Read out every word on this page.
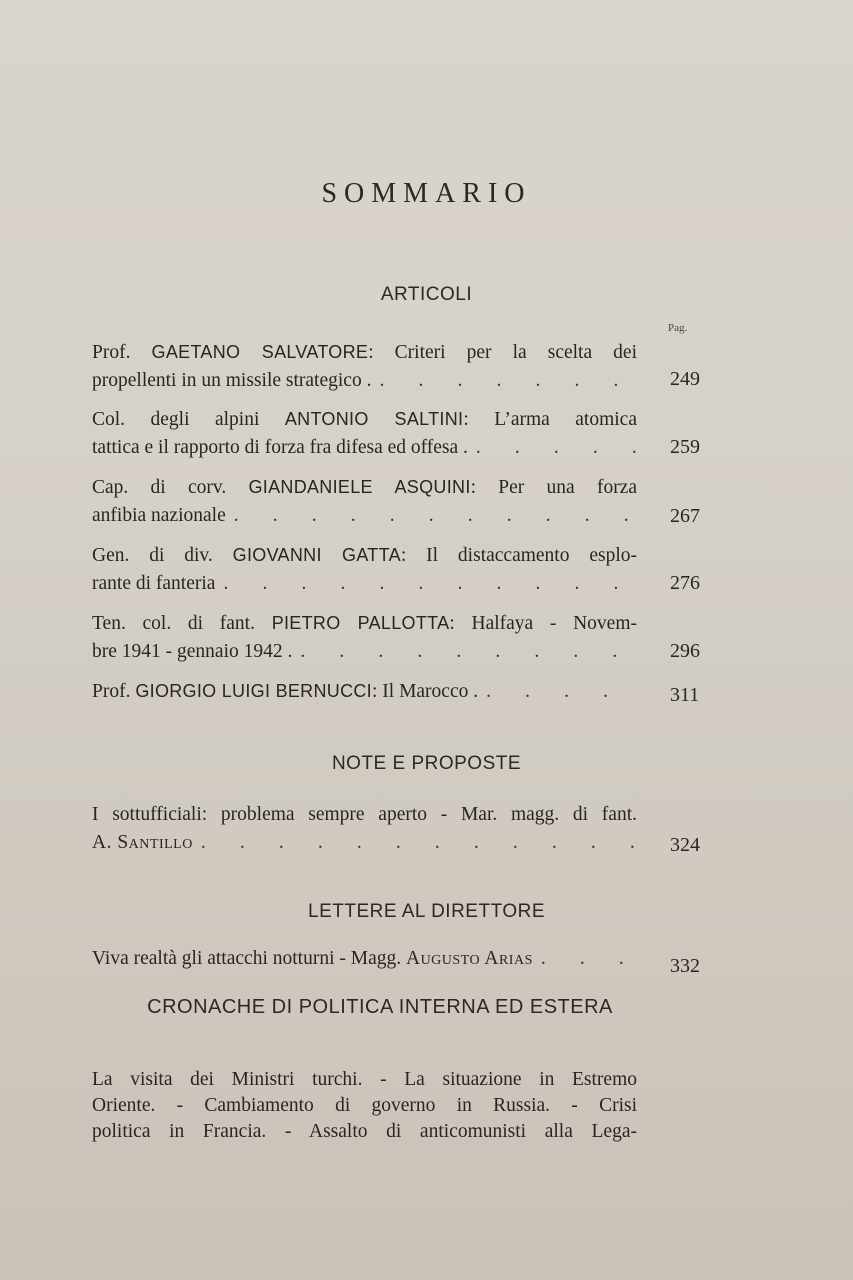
SOMMARIO
ARTICOLI
Pag.
Prof. GAETANO SALVATORE: Criteri per la scelta dei
propellenti in un missile strategico . .	249
Col. degli alpini ANTONIO SALTINI: L’arma atomica
tattica e il rapporto di forza fra difesa ed offesa . .	259
Cap. di corv. GIANDANIELE ASQUINI: Per una forza
anfibia nazionale .	267
Gen. di div. GIOVANNI GATTA: Il distaccamento esplo-
rante di fanteria .	276
Ten. col. di fant. PIETRO PALLOTTA: Halfaya - Novem-
bre 1941 - gennaio 1942 . .	296
Prof.
GIORGIO LUIGI BERNUCCI : Il Marocco . .	311
NOTE E PROPOSTE
I sottufficiali: problema sempre aperto - Mar. magg. di fant.
A. Santillo .	324
LETTERE AL DIRETTORE
Viva realtà gli attacchi notturni - Magg.
Augusto Arias .	332
CRONACHE DI POLITICA INTERNA ED ESTERA
La visita dei Ministri turchi. - La situazione in Estremo
Oriente. - Cambiamento di governo in Russia. - Crisi
politica in Francia. - Assalto di anticomunisti alla Lega-
